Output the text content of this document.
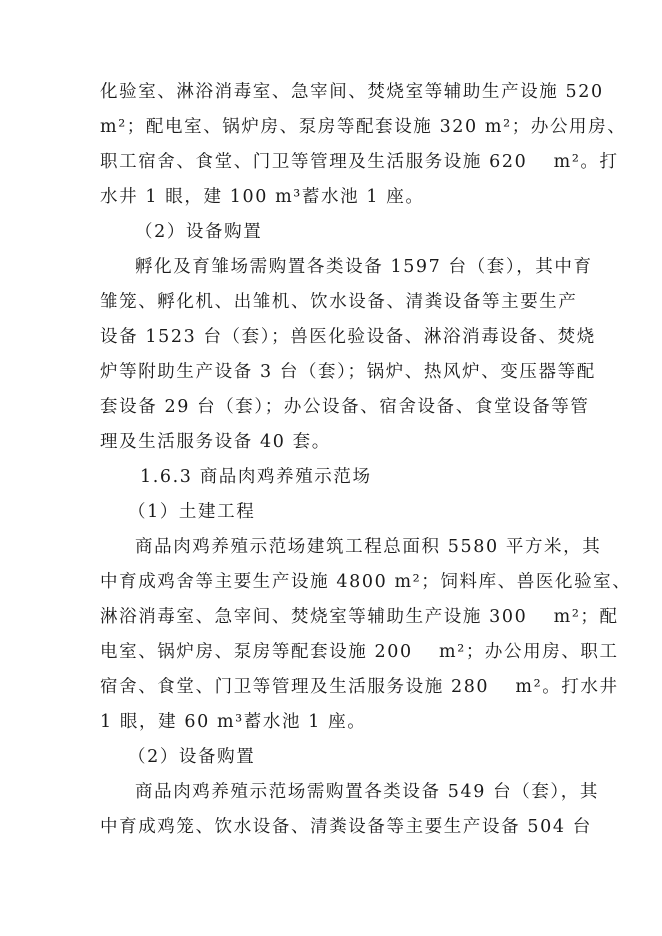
化验室、淋浴消毒室、急宰间、焚烧室等辅助生产设施 520
m²；配电室、锅炉房、泵房等配套设施 320 m²；办公用房、
职工宿舍、食堂、门卫等管理及生活服务设施 620　 m²。打
水井 1 眼，建 100 m³蓄水池 1 座。
（2）设备购置
孵化及育雏场需购置各类设备 1597 台（套），其中育
雏笼、孵化机、出雏机、饮水设备、清粪设备等主要生产
设备 1523 台（套）；兽医化验设备、淋浴消毒设备、焚烧
炉等附助生产设备 3 台（套）；锅炉、热风炉、变压器等配
套设备 29 台（套）；办公设备、宿舍设备、食堂设备等管
理及生活服务设备 40 套。
1.6.3 商品肉鸡养殖示范场
（1）土建工程
商品肉鸡养殖示范场建筑工程总面积 5580 平方米，其
中育成鸡舍等主要生产设施 4800 m²；饲料库、兽医化验室、
淋浴消毒室、急宰间、焚烧室等辅助生产设施 300　 m²；配
电室、锅炉房、泵房等配套设施 200　 m²；办公用房、职工
宿舍、食堂、门卫等管理及生活服务设施 280　 m²。打水井
1 眼，建 60 m³蓄水池 1 座。
（2）设备购置
商品肉鸡养殖示范场需购置各类设备 549 台（套），其
中育成鸡笼、饮水设备、清粪设备等主要生产设备 504 台
